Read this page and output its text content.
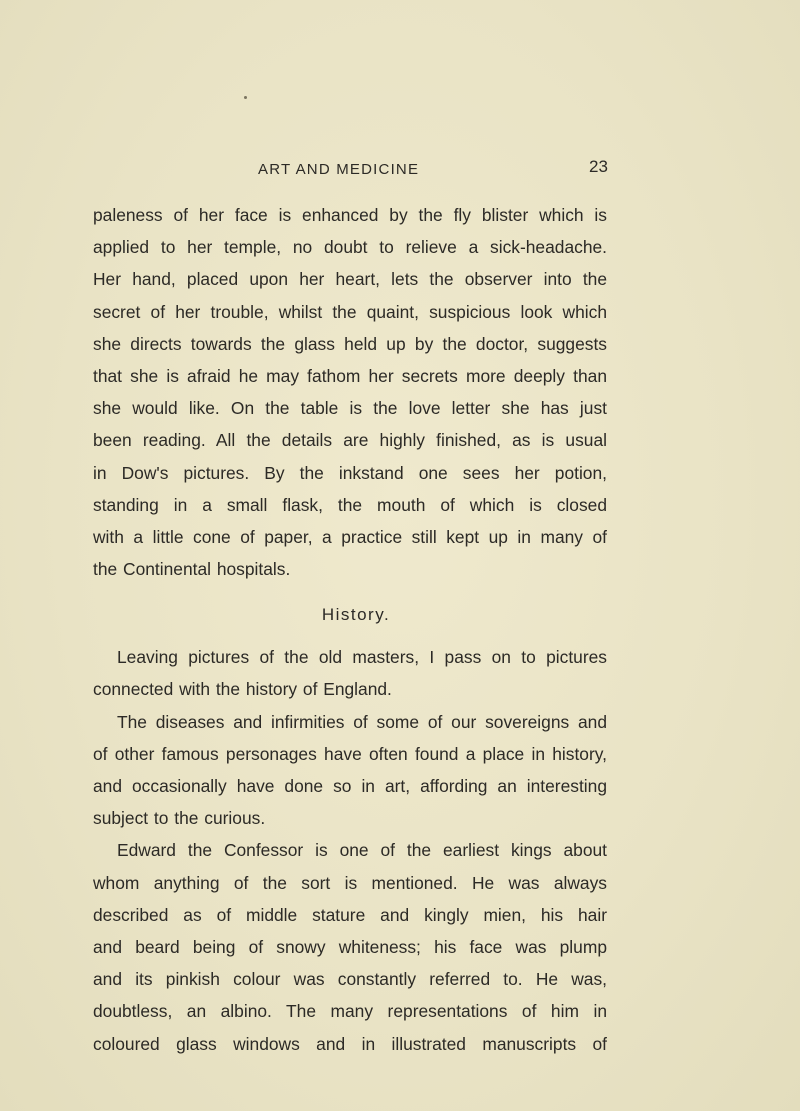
ART AND MEDICINE	23
paleness of her face is enhanced by the fly blister which is
applied to her temple, no doubt to relieve a sick-headache.
Her hand, placed upon her heart, lets the observer into the
secret of her trouble, whilst the quaint, suspicious look which
she directs towards the glass held up by the doctor, suggests
that she is afraid he may fathom her secrets more deeply than
she would like. On the table is the love letter she has just
been reading. All the details are highly finished, as is usual
in Dow's pictures. By the inkstand one sees her potion,
standing in a small flask, the mouth of which is closed
with a little cone of paper, a practice still kept up in many of
the Continental hospitals.
History.
Leaving pictures of the old masters, I pass on to pictures
connected with the history of England.
The diseases and infirmities of some of our sovereigns and
of other famous personages have often found a place in history,
and occasionally have done so in art, affording an interesting
subject to the curious.
Edward the Confessor is one of the earliest kings about
whom anything of the sort is mentioned. He was always
described as of middle stature and kingly mien, his hair
and beard being of snowy whiteness; his face was plump
and its pinkish colour was constantly referred to. He was,
doubtless, an albino. The many representations of him in
coloured glass windows and in illustrated manuscripts of
